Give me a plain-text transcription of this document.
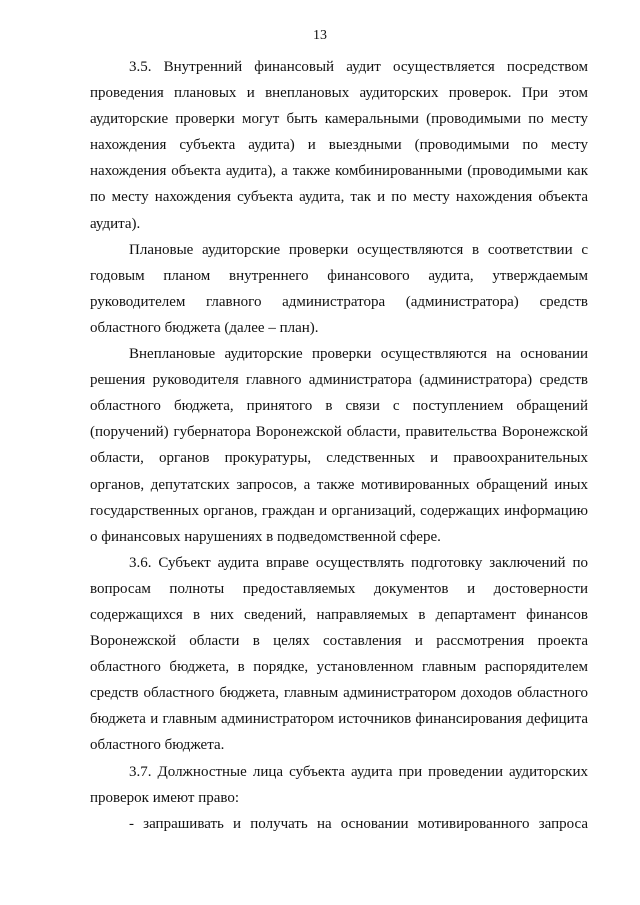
13

3.5. Внутренний финансовый аудит осуществляется посредством проведения плановых и внеплановых аудиторских проверок. При этом аудиторские проверки могут быть камеральными (проводимыми по месту нахождения субъекта аудита) и выездными (проводимыми по месту нахождения объекта аудита), а также комбинированными (проводимыми как по месту нахождения субъекта аудита, так и по месту нахождения объекта аудита).

Плановые аудиторские проверки осуществляются в соответствии с годовым планом внутреннего финансового аудита, утверждаемым руководителем главного администратора (администратора) средств областного бюджета (далее – план).

Внеплановые аудиторские проверки осуществляются на основании решения руководителя главного администратора (администратора) средств областного бюджета, принятого в связи с поступлением обращений (поручений) губернатора Воронежской области, правительства Воронежской области, органов прокуратуры, следственных и правоохранительных органов, депутатских запросов, а также мотивированных обращений иных государственных органов, граждан и организаций, содержащих информацию о финансовых нарушениях в подведомственной сфере.

3.6. Субъект аудита вправе осуществлять подготовку заключений по вопросам полноты предоставляемых документов и достоверности содержащихся в них сведений, направляемых в департамент финансов Воронежской области в целях составления и рассмотрения проекта областного бюджета, в порядке, установленном главным распорядителем средств областного бюджета, главным администратором доходов областного бюджета и главным администратором источников финансирования дефицита областного бюджета.

3.7. Должностные лица субъекта аудита при проведении аудиторских проверок имеют право:

- запрашивать и получать на основании мотивированного запроса
